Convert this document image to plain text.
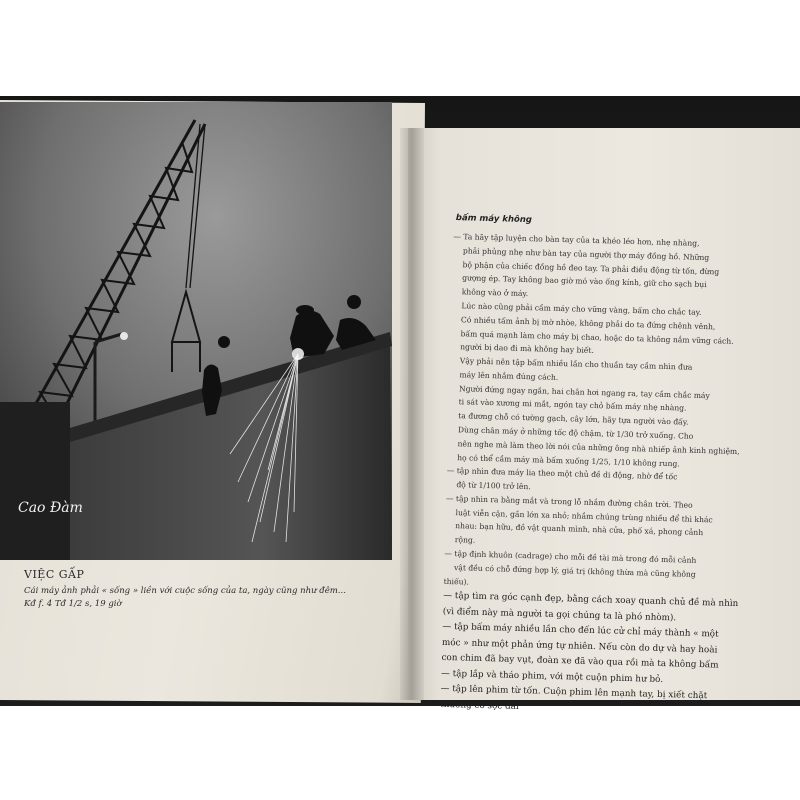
Cao Đàm
VIỆC GẤP
Cái máy ảnh phải « sống » liền với cuộc sống của ta, ngày cũng như đêm...
Kđ f. 4 Tđ 1/2 s, 19 giờ
bấm máy không

— Ta hãy tập luyện cho bàn tay của ta khéo léo hơn, nhẹ nhàng,

phải phủng nhẹ như bàn tay của người thợ máy đồng hồ. Những

bộ phận của chiếc đồng hồ đeo tay. Ta phải điều động từ tốn, đừng

gượng ép. Tay không bao giờ mó vào ống kính, giữ cho sạch bụi

không vào ở máy.

Lúc nào cũng phải cầm máy cho vững vàng, bấm cho chắc tay.

Có nhiều tấm ảnh bị mờ nhòe, không phải do ta đứng chênh vênh,

bấm quá mạnh làm cho máy bị chao, hoặc do ta không nắm vững cách.

người bị dao đi mà không hay biết.

Vậy phải nên tập bấm nhiều lần cho thuần tay cầm nhìn đưa

máy lên nhắm đúng cách.

Người đứng ngay ngắn, hai chân hơi ngang ra, tay cầm chắc máy

ti sát vào xương mi mắt, ngón tay chỏ bấm máy nhẹ nhàng.

ta đương chỗ có tường gạch, cây lớn, hãy tựa người vào đấy.

Dùng chân máy ở những tốc độ chậm, từ 1/30 trở xuống. Cho

nên nghe mà làm theo lời nói của những ông nhà nhiếp ảnh kinh nghiệm,

họ có thể cầm máy mà bấm xuống 1/25, 1/10 không rung.

— tập nhìn đưa máy lia theo một chủ đề di động, nhờ để tốc

độ từ 1/100 trở lên.

— tập nhìn ra bằng mắt và trong lỗ nhắm đường chân trời. Theo

luật viễn cận, gần lớn xa nhỏ; nhắm chúng trùng nhiều để thì khác

nhau: bạn hữu, đồ vật quanh mình, nhà cửa, phố xá, phong cảnh

rộng.

— tập định khuôn (cadrage) cho mỗi đề tài mà trong đó mỗi cảnh

vật đều có chỗ đứng hợp lý, giá trị (không thừa mà cũng không

thiếu).

— tập tìm ra góc cạnh đẹp, bằng cách xoay quanh chủ đề mà nhìn

(vì điểm này mà người ta gọi chúng ta là phó nhòm).

— tập bấm máy nhiều lần cho đến lúc cử chỉ máy thành « một

móc » như một phản ứng tự nhiên. Nếu còn do dự và hay hoài

con chim đã bay vụt, đoàn xe đã vào qua rồi mà ta không bấm

— tập lắp và tháo phim, với một cuộn phim hư bỏ.

— tập lên phim từ tốn. Cuộn phim lên mạnh tay, bị xiết chặt

thường có sọc dài
